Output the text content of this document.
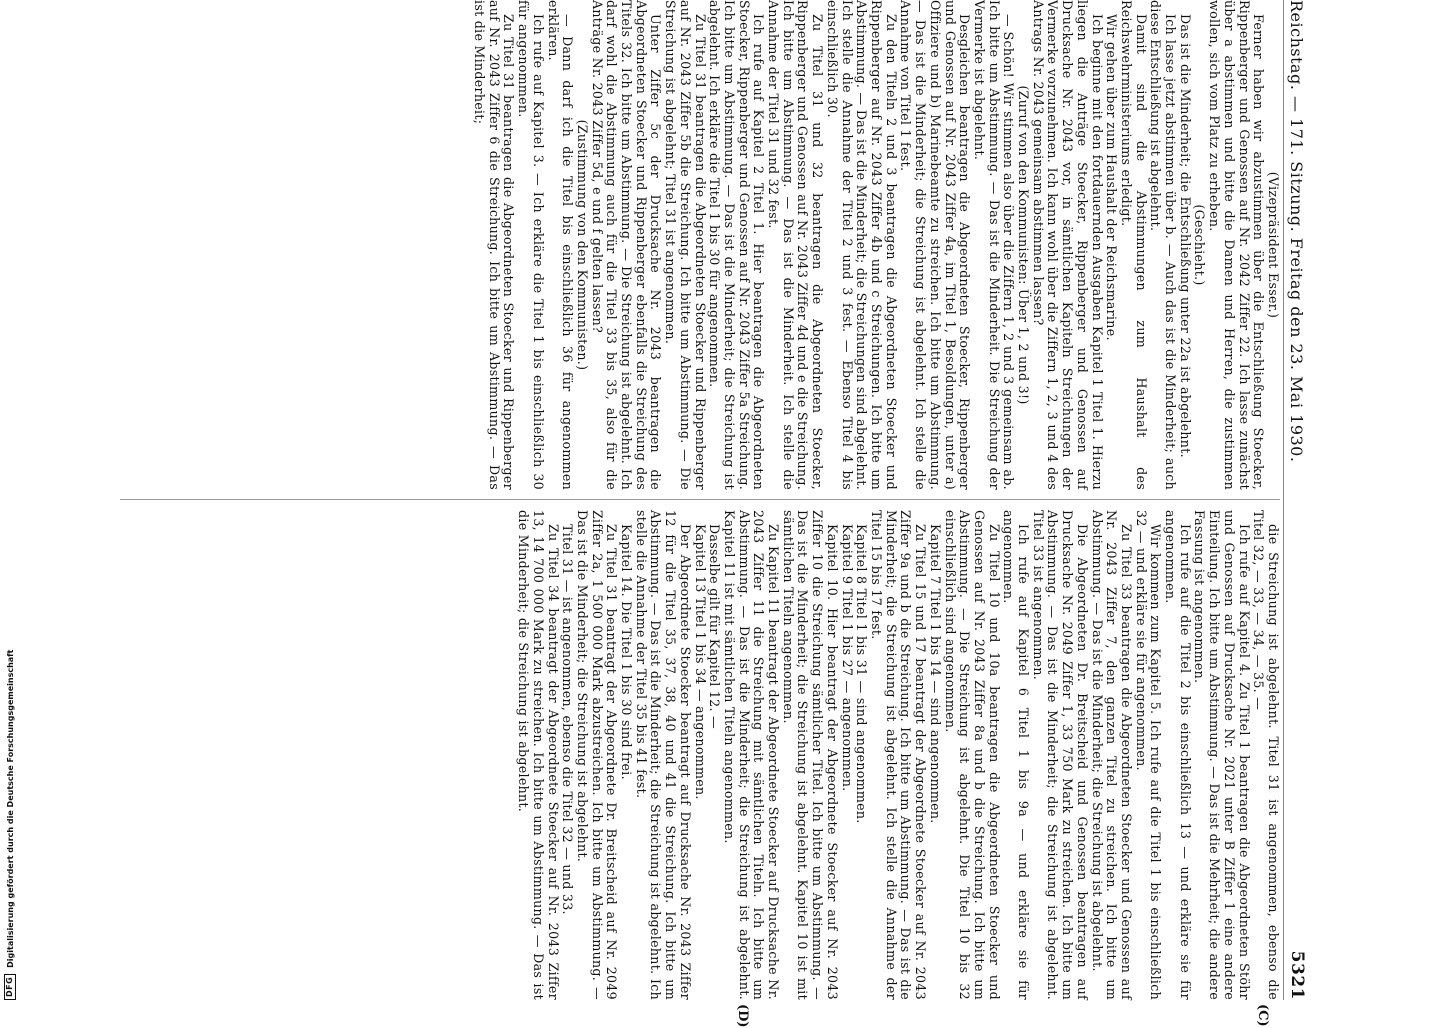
DFG
Digitalisierung gefördert durch die Deutsche Forschungsgemeinschaft
Reichstag. — 171. Sitzung. Freitag den 23. Mai 1930.
5321

(Vizepräsident Esser.)

Ferner haben wir abzustimmen über die Entschließung Stoecker, Rippenberger und Genossen auf Nr. 2042 Ziffer 22. Ich lasse zunächst über a abstimmen und bitte die Damen und Herren, die zustimmen wollen, sich vom Platz zu erheben.

(Geschieht.)

Das ist die Minderheit; die Entschließung unter 22a ist abgelehnt.

Ich lasse jetzt abstimmen über b. — Auch das ist die Minderheit; auch diese Entschließung ist abgelehnt.

Damit sind die Abstimmungen zum Haushalt des Reichswehrministeriums erledigt.

Wir gehen über zum Haushalt der Reichsmarine.

Ich beginne mit den fortdauernden Ausgaben Kapitel 1 Titel 1. Hierzu liegen die Anträge Stoecker, Rippenberger und Genossen auf Drucksache Nr. 2043 vor, in sämtlichen Kapiteln Streichungen der Vermerke vorzunehmen. Ich kann wohl über die Ziffern 1, 2, 3 und 4 des Antrags Nr. 2043 gemeinsam abstimmen lassen?

(Zuruf von den Kommunisten: Über 1, 2 und 3!)

— Schön! Wir stimmen also über die Ziffern 1, 2 und 3 gemeinsam ab. Ich bitte um Abstimmung. — Das ist die Minderheit. Die Streichung der Vermerke ist abgelehnt.

Desgleichen beantragen die Abgeordneten Stoecker, Rippenberger und Genossen auf Nr. 2043 Ziffer 4a, im Titel 1, Besoldungen, unter a) Offiziere und b) Marinebeamte zu streichen. Ich bitte um Abstimmung. — Das ist die Minderheit; die Streichung ist abgelehnt. Ich stelle die Annahme von Titel 1 fest.

Zu den Titeln 2 und 3 beantragen die Abgeordneten Stoecker und Rippenberger auf Nr. 2043 Ziffer 4b und c Streichungen. Ich bitte um Abstimmung. — Das ist die Minderheit; die Streichungen sind abgelehnt. Ich stelle die Annahme der Titel 2 und 3 fest. — Ebenso Titel 4 bis einschließlich 30.

Zu Titel 31 und 32 beantragen die Abgeordneten Stoecker, Rippenberger und Genossen auf Nr. 2043 Ziffer 4d und e die Streichung. Ich bitte um Abstimmung. — Das ist die Minderheit. Ich stelle die Annahme der Titel 31 und 32 fest.

Ich rufe auf Kapitel 2 Titel 1. Hier beantragen die Abgeordneten Stoecker, Rippenberger und Genossen auf Nr. 2043 Ziffer 5a Streichung. Ich bitte um Abstimmung. — Das ist die Minderheit; die Streichung ist abgelehnt. Ich erkläre die Titel 1 bis 30 für angenommen.

Zu Titel 31 beantragen die Abgeordneten Stoecker und Rippenberger auf Nr. 2043 Ziffer 5b die Streichung. Ich bitte um Abstimmung. — Die Streichung ist abgelehnt; Titel 31 ist angenommen.

Unter Ziffer 5c der Drucksache Nr. 2043 beantragen die Abgeordneten Stoecker und Rippenberger ebenfalls die Streichung des Titels 32. Ich bitte um Abstimmung. — Die Streichung ist abgelehnt. Ich darf wohl die Abstimmung auch für die Titel 33 bis 35, also für die Anträge Nr. 2043 Ziffer 5d, e und f gelten lassen?

(Zustimmung von den Kommunisten.)

— Dann darf ich die Titel bis einschließlich 36 für angenommen erklären.

Ich rufe auf Kapitel 3. — Ich erkläre die Titel 1 bis einschließlich 30 für angenommen.

Zu Titel 31 beantragen die Abgeordneten Stoecker und Rippenberger auf Nr. 2043 Ziffer 6 die Streichung. Ich bitte um Abstimmung. — Das ist die Minderheit;

die Streichung ist abgelehnt. Titel 31 ist angenommen, ebenso die Titel 32, — 33, — 34, — 35. —

Ich rufe auf Kapitel 4. Zu Titel 1 beantragen die Abgeordneten Stöhr und Genossen auf Drucksache Nr. 2021 unter B Ziffer 1 eine andere Einteilung. Ich bitte um Abstimmung. — Das ist die Mehrheit; die andere Fassung ist angenommen.

Ich rufe auf die Titel 2 bis einschließlich 13 — und erkläre sie für angenommen.

Wir kommen zum Kapitel 5. Ich rufe auf die Titel 1 bis einschließlich 32 — und erkläre sie für angenommen.

Zu Titel 33 beantragen die Abgeordneten Stoecker und Genossen auf Nr. 2043 Ziffer 7, den ganzen Titel zu streichen. Ich bitte um Abstimmung. — Das ist die Minderheit; die Streichung ist abgelehnt.

Die Abgeordneten Dr. Breitscheid und Genossen beantragen auf Drucksache Nr. 2049 Ziffer 1, 33 750 Mark zu streichen. Ich bitte um Abstimmung. — Das ist die Minderheit; die Streichung ist abgelehnt. Titel 33 ist angenommen.

Ich rufe auf Kapitel 6 Titel 1 bis 9a — und erkläre sie für angenommen.

Zu Titel 10 und 10a beantragen die Abgeordneten Stoecker und Genossen auf Nr. 2043 Ziffer 8a und b die Streichung. Ich bitte um Abstimmung. — Die Streichung ist abgelehnt. Die Titel 10 bis 32 einschließlich sind angenommen.

Kapitel 7 Titel 1 bis 14 — sind angenommen.

Zu Titel 15 und 17 beantragt der Abgeordnete Stoecker auf Nr. 2043 Ziffer 9a und b die Streichung. Ich bitte um Abstimmung. — Das ist die Minderheit; die Streichung ist abgelehnt. Ich stelle die Annahme der Titel 15 bis 17 fest.

Kapitel 8 Titel 1 bis 31 — sind angenommen.

Kapitel 9 Titel 1 bis 27 — angenommen.

Kapitel 10. Hier beantragt der Abgeordnete Stoecker auf Nr. 2043 Ziffer 10 die Streichung sämtlicher Titel. Ich bitte um Abstimmung. — Das ist die Minderheit; die Streichung ist abgelehnt. Kapitel 10 ist mit sämtlichen Titeln angenommen.

Zu Kapitel 11 beantragt der Abgeordnete Stoecker auf Drucksache Nr. 2043 Ziffer 11 die Streichung mit sämtlichen Titeln. Ich bitte um Abstimmung. — Das ist die Minderheit; die Streichung ist abgelehnt. Kapitel 11 ist mit sämtlichen Titeln angenommen.

Dasselbe gilt für Kapitel 12. —

Kapitel 13 Titel 1 bis 34 — angenommen.

Der Abgeordnete Stoecker beantragt auf Drucksache Nr. 2043 Ziffer 12 für die Titel 35, 37, 38, 40 und 41 die Streichung. Ich bitte um Abstimmung. — Das ist die Minderheit; die Streichung ist abgelehnt. Ich stelle die Annahme der Titel 35 bis 41 fest.

Kapitel 14. Die Titel 1 bis 30 sind frei.

Zu Titel 31 beantragt der Abgeordnete Dr. Breitscheid auf Nr. 2049 Ziffer 2a, 1 500 000 Mark abzustreichen. Ich bitte um Abstimmung. — Das ist die Minderheit; die Streichung ist abgelehnt.

Titel 31 — ist angenommen, ebenso die Titel 32 — und 33.

Zu Titel 34 beantragt der Abgeordnete Stoecker auf Nr. 2043 Ziffer 13, 14 700 000 Mark zu streichen. Ich bitte um Abstimmung. — Das ist die Minderheit; die Streichung ist abgelehnt.

(C)
(D)
